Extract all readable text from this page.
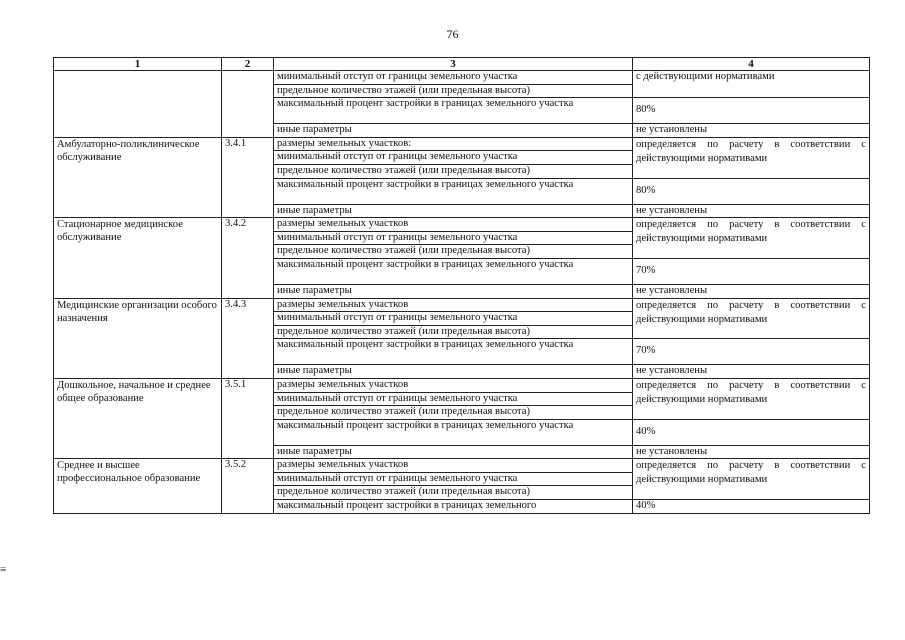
76
1	2	3	4
		минимальный отступ от границы земельного участка	с действующими нормативами
		предельное количество этажей (или предельная высота)	
		максимальный процент застройки в границах земельного участка	80%
		иные параметры	не установлены
Амбулаторно-поликлиническое обслуживание	3.4.1	размеры земельных участков:	определяется по расчету в соответствии с действующими нормативами
		минимальный отступ от границы земельного участка	
		предельное количество этажей (или предельная высота)	
		максимальный процент застройки в границах земельного участка	80%
		иные параметры	не установлены
Стационарное медицинское обслуживание	3.4.2	размеры земельных участков	определяется по расчету в соответствии с действующими нормативами
		минимальный отступ от границы земельного участка	
		предельное количество этажей (или предельная высота)	
		максимальный процент застройки в границах земельного участка	70%
		иные параметры	не установлены
Медицинские организации особого назначения	3.4.3	размеры земельных участков	определяется по расчету в соответствии с действующими нормативами
		минимальный отступ от границы земельного участка	
		предельное количество этажей (или предельная высота)	
		максимальный процент застройки в границах земельного участка	70%
		иные параметры	не установлены
Дошкольное, начальное и среднее общее образование	3.5.1	размеры земельных участков	определяется по расчету в соответствии с действующими нормативами
		минимальный отступ от границы земельного участка	
		предельное количество этажей (или предельная высота)	
		максимальный процент застройки в границах земельного участка	40%
		иные параметры	не установлены
Среднее и высшее профессиональное образование	3.5.2	размеры земельных участков	определяется по расчету в соответствии с действующими нормативами
		минимальный отступ от границы земельного участка	
		предельное количество этажей (или предельная высота)	
		максимальный процент застройки в границах земельного	40%
≡
